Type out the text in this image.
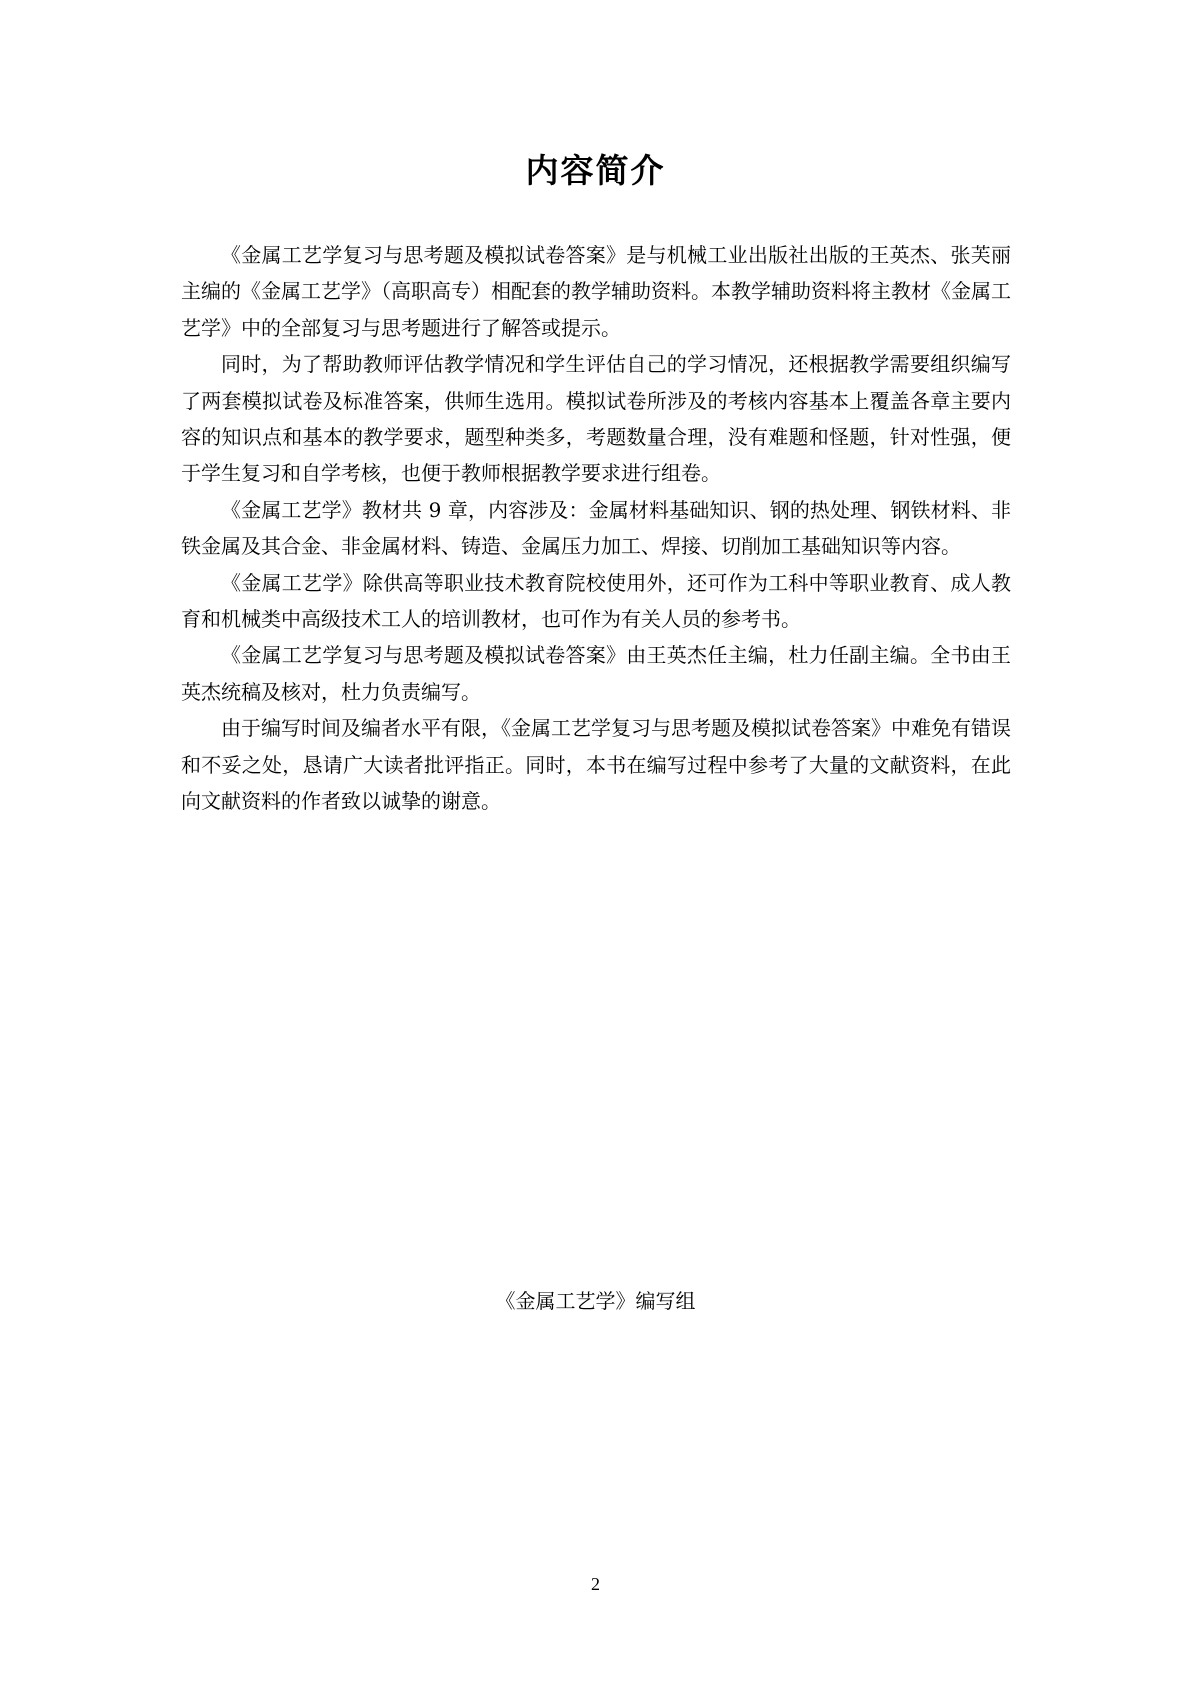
内容简介

《金属工艺学复习与思考题及模拟试卷答案》是与机械工业出版社出版的王英杰、张芙丽主编的《金属工艺学》（高职高专）相配套的教学辅助资料。本教学辅助资料将主教材《金属工艺学》中的全部复习与思考题进行了解答或提示。

同时，为了帮助教师评估教学情况和学生评估自己的学习情况，还根据教学需要组织编写了两套模拟试卷及标准答案，供师生选用。模拟试卷所涉及的考核内容基本上覆盖各章主要内容的知识点和基本的教学要求，题型种类多，考题数量合理，没有难题和怪题，针对性强，便于学生复习和自学考核，也便于教师根据教学要求进行组卷。

《金属工艺学》教材共 9 章，内容涉及：金属材料基础知识、钢的热处理、钢铁材料、非铁金属及其合金、非金属材料、铸造、金属压力加工、焊接、切削加工基础知识等内容。

《金属工艺学》除供高等职业技术教育院校使用外，还可作为工科中等职业教育、成人教育和机械类中高级技术工人的培训教材，也可作为有关人员的参考书。

《金属工艺学复习与思考题及模拟试卷答案》由王英杰任主编，杜力任副主编。全书由王英杰统稿及核对，杜力负责编写。

由于编写时间及编者水平有限，《金属工艺学复习与思考题及模拟试卷答案》中难免有错误和不妥之处，恳请广大读者批评指正。同时，本书在编写过程中参考了大量的文献资料，在此向文献资料的作者致以诚挚的谢意。

《金属工艺学》编写组
2
